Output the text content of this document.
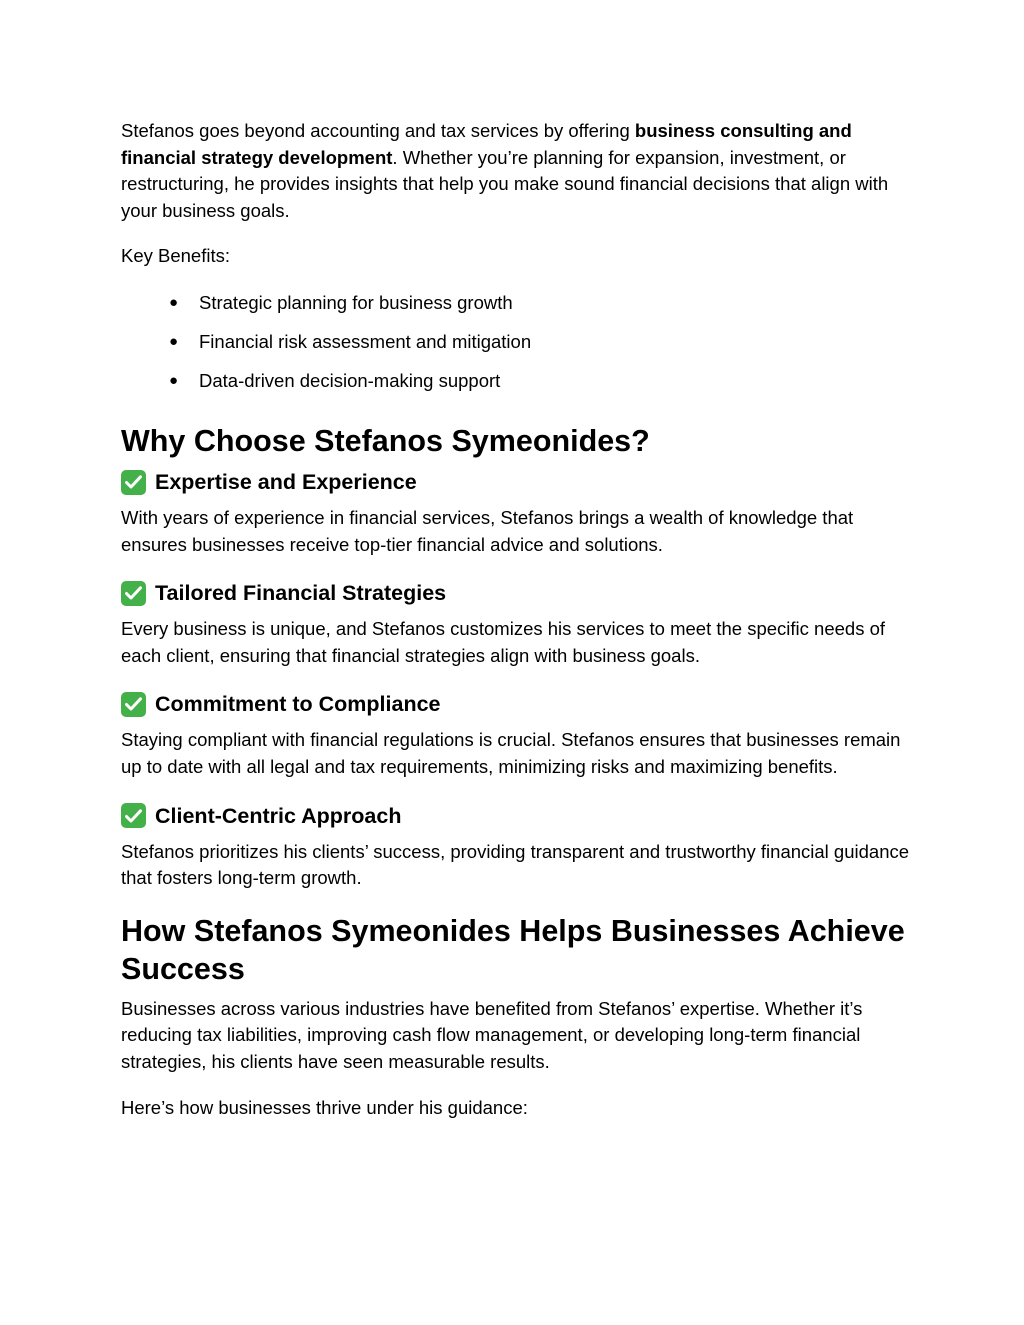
Stefanos goes beyond accounting and tax services by offering business consulting and financial strategy development. Whether you’re planning for expansion, investment, or restructuring, he provides insights that help you make sound financial decisions that align with your business goals.

Key Benefits:

● Strategic planning for business growth
● Financial risk assessment and mitigation
● Data-driven decision-making support
Why Choose Stefanos Symeonides?
Expertise and Experience

With years of experience in financial services, Stefanos brings a wealth of knowledge that ensures businesses receive top-tier financial advice and solutions.

Tailored Financial Strategies

Every business is unique, and Stefanos customizes his services to meet the specific needs of each client, ensuring that financial strategies align with business goals.

Commitment to Compliance

Staying compliant with financial regulations is crucial. Stefanos ensures that businesses remain up to date with all legal and tax requirements, minimizing risks and maximizing benefits.

Client-Centric Approach

Stefanos prioritizes his clients’ success, providing transparent and trustworthy financial guidance that fosters long-term growth.

How Stefanos Symeonides Helps Businesses Achieve Success

Businesses across various industries have benefited from Stefanos’ expertise. Whether it’s reducing tax liabilities, improving cash flow management, or developing long-term financial strategies, his clients have seen measurable results.

Here’s how businesses thrive under his guidance:
